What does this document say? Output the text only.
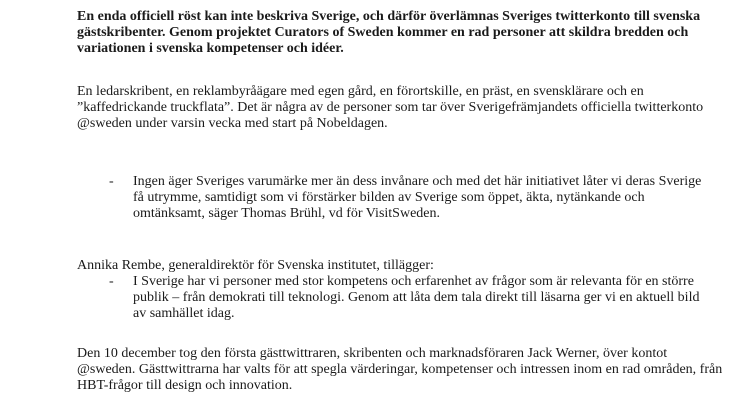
En enda officiell röst kan inte beskriva Sverige, och därför överlämnas Sveriges twitterkonto till svenska gästskribenter. Genom projektet Curators of Sweden kommer en rad personer att skildra bredden och variationen i svenska kompetenser och idéer.

En ledarskribent, en reklambyråägare med egen gård, en förortskille, en präst, en svensklärare och en ”kaffedrickande truckflata”. Det är några av de personer som tar över Sverigefrämjandets officiella twitterkonto @sweden under varsin vecka med start på Nobeldagen.

- Ingen äger Sveriges varumärke mer än dess invånare och med det här initiativet låter vi deras Sverige få utrymme, samtidigt som vi förstärker bilden av Sverige som öppet, äkta, nytänkande och omtänksamt, säger Thomas Brühl, vd för VisitSweden.

Annika Rembe, generaldirektör för Svenska institutet, tillägger:

- I Sverige har vi personer med stor kompetens och erfarenhet av frågor som är relevanta för en större publik – från demokrati till teknologi. Genom att låta dem tala direkt till läsarna ger vi en aktuell bild av samhället idag.

Den 10 december tog den första gästtwittraren, skribenten och marknadsföraren Jack Werner, över kontot @sweden. Gästtwittrarna har valts för att spegla värderingar, kompetenser och intressen inom en rad områden, från HBT-frågor till design och innovation.
